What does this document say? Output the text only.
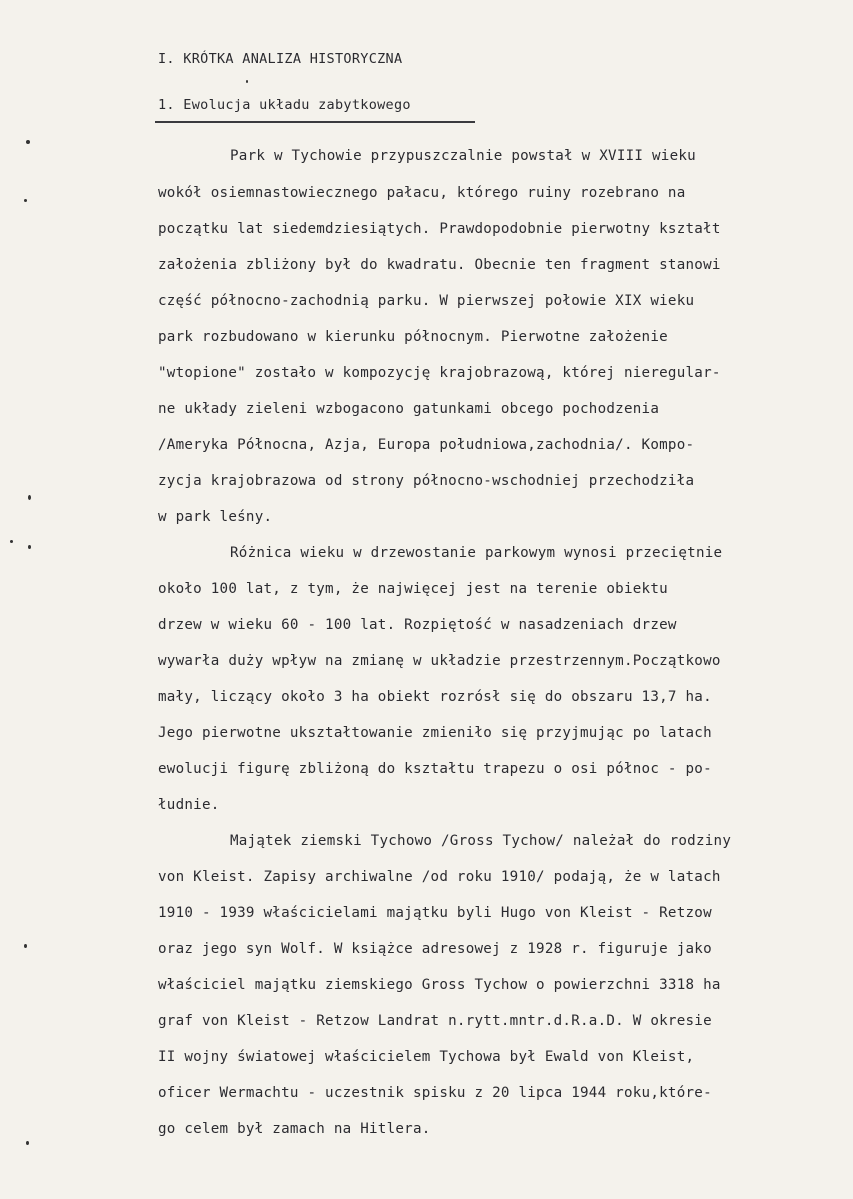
I. KRÓTKA ANALIZA HISTORYCZNA
1. Ewolucja układu zabytkowego
Park w Tychowie przypuszczalnie powstał w XVIII wieku
wokół osiemnastowiecznego pałacu, którego ruiny rozebrano na
początku lat siedemdziesiątych. Prawdopodobnie pierwotny kształt
założenia zbliżony był do kwadratu. Obecnie ten fragment stanowi
część północno-zachodnią parku. W pierwszej połowie XIX wieku
park rozbudowano w kierunku północnym. Pierwotne założenie
"wtopione" zostało w kompozycję krajobrazową, której nieregular-
ne układy zieleni wzbogacono gatunkami obcego pochodzenia
/Ameryka Północna, Azja, Europa południowa,zachodnia/. Kompo-
zycja krajobrazowa od strony północno-wschodniej przechodziła
w park leśny.
Różnica wieku w drzewostanie parkowym wynosi przeciętnie
około 100 lat, z tym, że najwięcej jest na terenie obiektu
drzew w wieku 60 - 100 lat. Rozpiętość w nasadzeniach drzew
wywarła duży wpływ na zmianę w układzie przestrzennym.Początkowo
mały, liczący około 3 ha obiekt rozrósł się do obszaru 13,7 ha.
Jego pierwotne ukształtowanie zmieniło się przyjmując po latach
ewolucji figurę zbliżoną do kształtu trapezu o osi północ - po-
łudnie.
Majątek ziemski Tychowo /Gross Tychow/ należał do rodziny
von Kleist. Zapisy archiwalne /od roku 1910/ podają, że w latach
1910 - 1939 właścicielami majątku byli Hugo von Kleist - Retzow
oraz jego syn Wolf. W książce adresowej z 1928 r. figuruje jako
właściciel majątku ziemskiego Gross Tychow o powierzchni 3318 ha
graf von Kleist - Retzow Landrat n.rytt.mntr.d.R.a.D. W okresie
II wojny światowej właścicielem Tychowa był Ewald von Kleist,
oficer Wermachtu - uczestnik spisku z 20 lipca 1944 roku,które-
go celem był zamach na Hitlera.
